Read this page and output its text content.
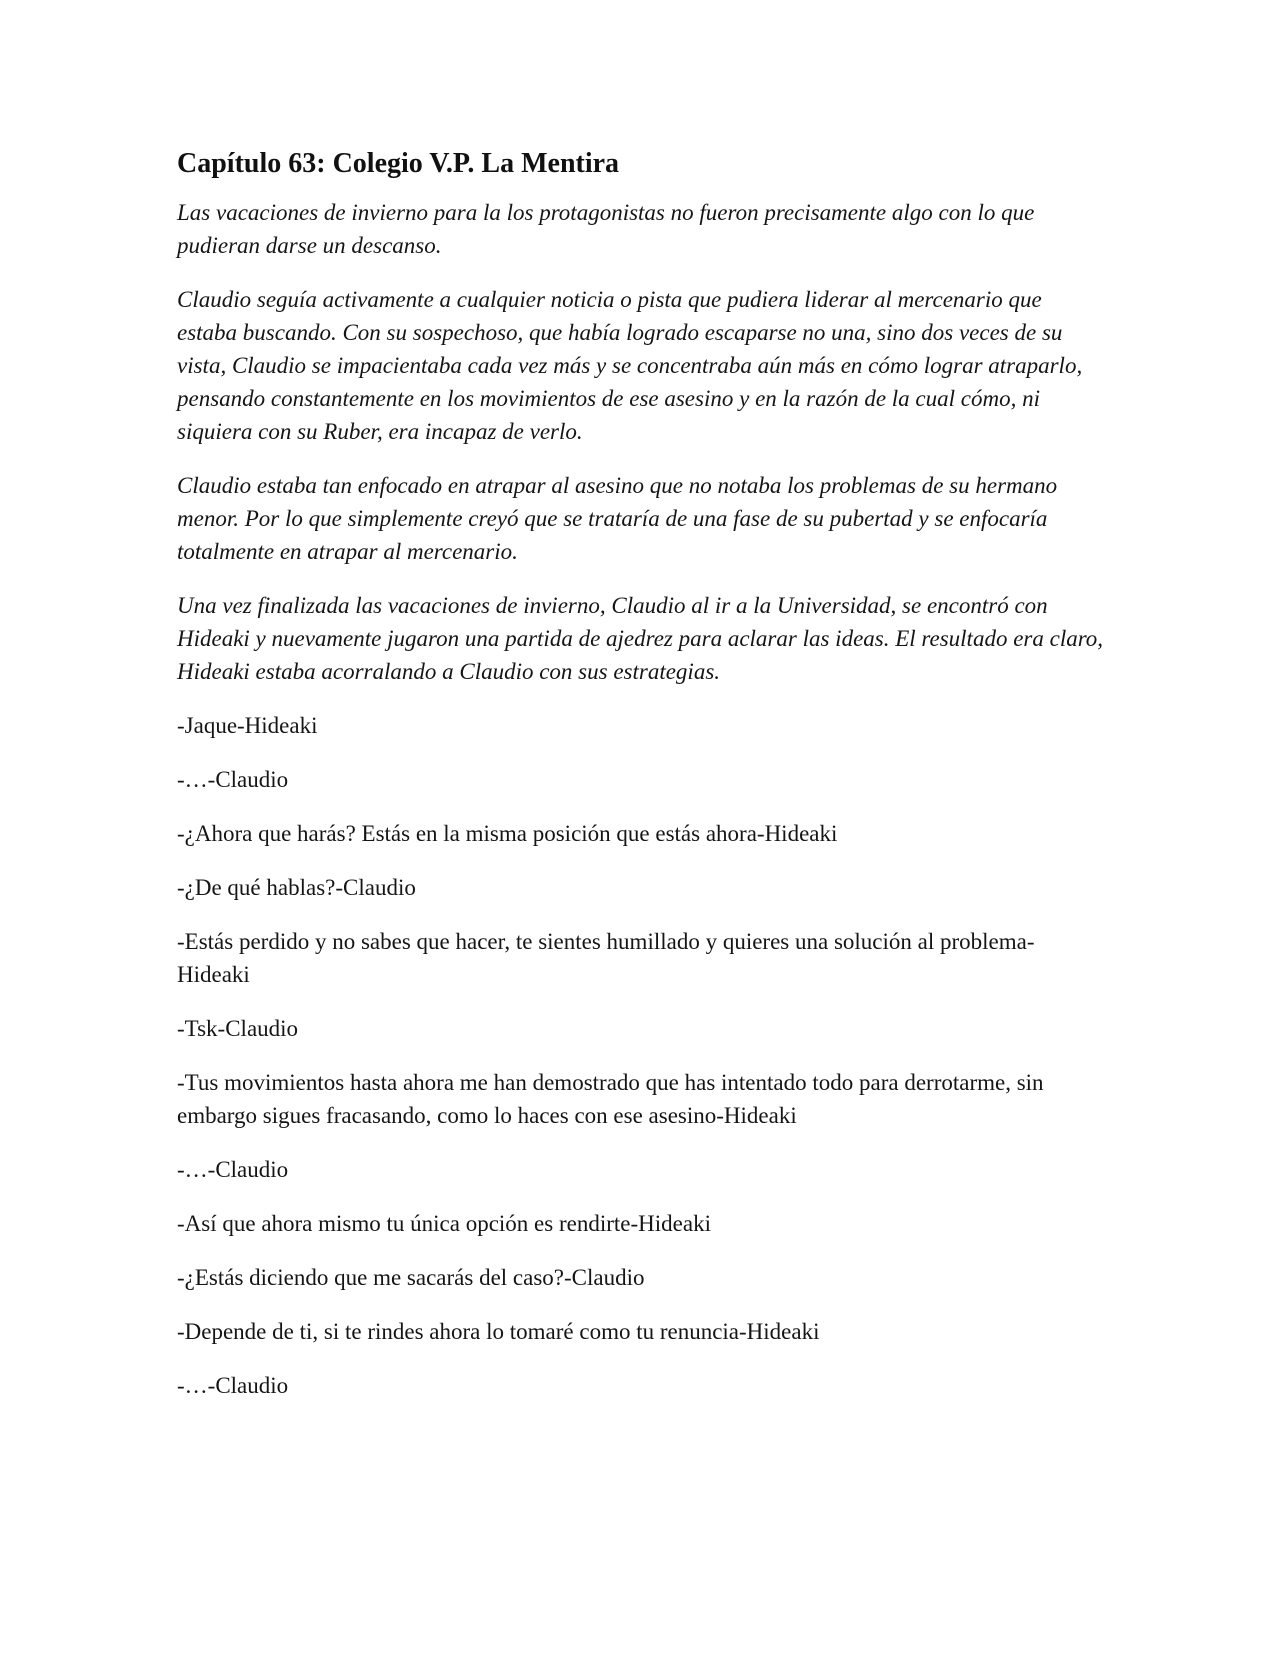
Capítulo 63: Colegio V.P. La Mentira

Las vacaciones de invierno para la los protagonistas no fueron precisamente algo con lo que pudieran darse un descanso.

Claudio seguía activamente a cualquier noticia o pista que pudiera liderar al mercenario que estaba buscando. Con su sospechoso, que había logrado escaparse no una, sino dos veces de su vista, Claudio se impacientaba cada vez más y se concentraba aún más en cómo lograr atraparlo, pensando constantemente en los movimientos de ese asesino y en la razón de la cual cómo, ni siquiera con su Ruber, era incapaz de verlo.

Claudio estaba tan enfocado en atrapar al asesino que no notaba los problemas de su hermano menor. Por lo que simplemente creyó que se trataría de una fase de su pubertad y se enfocaría totalmente en atrapar al mercenario.

Una vez finalizada las vacaciones de invierno, Claudio al ir a la Universidad, se encontró con Hideaki y nuevamente jugaron una partida de ajedrez para aclarar las ideas. El resultado era claro, Hideaki estaba acorralando a Claudio con sus estrategias.

-Jaque-Hideaki

-…-Claudio

-¿Ahora que harás? Estás en la misma posición que estás ahora-Hideaki

-¿De qué hablas?-Claudio

-Estás perdido y no sabes que hacer, te sientes humillado y quieres una solución al problema-Hideaki

-Tsk-Claudio

-Tus movimientos hasta ahora me han demostrado que has intentado todo para derrotarme, sin embargo sigues fracasando, como lo haces con ese asesino-Hideaki

-…-Claudio

-Así que ahora mismo tu única opción es rendirte-Hideaki

-¿Estás diciendo que me sacarás del caso?-Claudio

-Depende de ti, si te rindes ahora lo tomaré como tu renuncia-Hideaki

-…-Claudio
